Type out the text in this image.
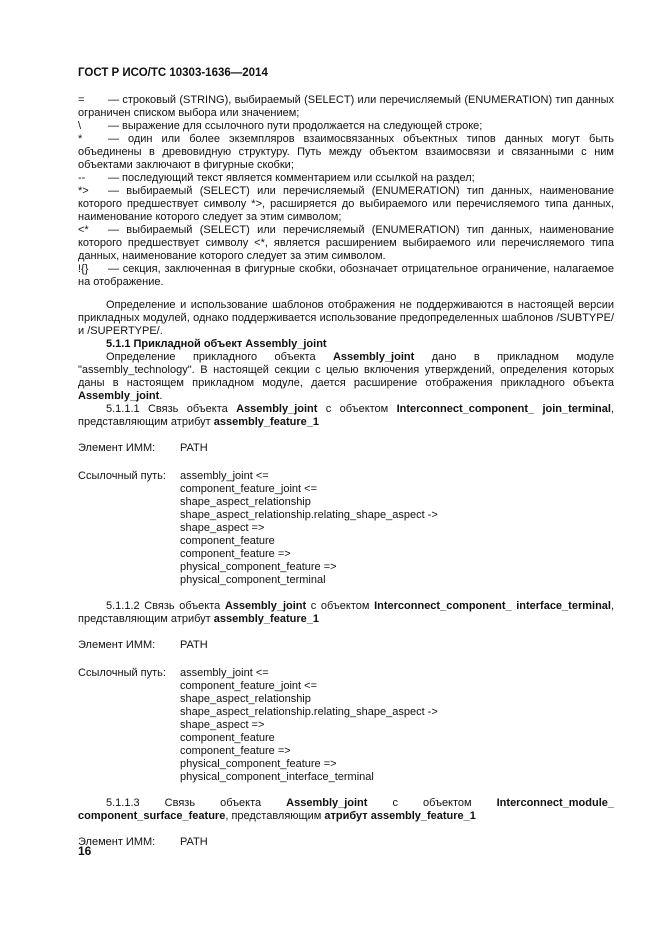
ГОСТ Р ИСО/ТС 10303-1636—2014
=	— строковый (STRING), выбираемый (SELECT) или перечисляемый (ENUMERATION) тип данных ограничен списком выбора или значением;
\	— выражение для ссылочного пути продолжается на следующей строке;
*	— один или более экземпляров взаимосвязанных объектных типов данных могут быть объединены в древовидную структуру. Путь между объектом взаимосвязи и связанными с ним объектами заключают в фигурные скобки;
--	— последующий текст является комментарием или ссылкой на раздел;
*>	— выбираемый (SELECT) или перечисляемый (ENUMERATION) тип данных, наименование которого предшествует символу *>, расширяется до выбираемого или перечисляемого типа данных, наименование которого следует за этим символом;
<*	— выбираемый (SELECT) или перечисляемый (ENUMERATION) тип данных, наименование которого предшествует символу <*, является расширением выбираемого или перечисляемого типа данных, наименование которого следует за этим символом.
!{}	— секция, заключенная в фигурные скобки, обозначает отрицательное ограничение, налагаемое на отображение.

Определение и использование шаблонов отображения не поддерживаются в настоящей версии прикладных модулей, однако поддерживается использование предопределенных шаблонов /SUBTYPE/ и /SUPERTYPE/.

5.1.1 Прикладной объект Assembly_joint

Определение прикладного объекта Assembly_joint дано в прикладном модуле "assembly_technology". В настоящей секции с целью включения утверждений, определения которых даны в настоящем прикладном модуле, дается расширение отображения прикладного объекта Assembly_joint.

5.1.1.1 Связь объекта Assembly_joint с объектом Interconnect_component_ join_terminal, представляющим атрибут assembly_feature_1

Элемент ИММ: PATH
Ссылочный путь: assembly_joint <=
component_feature_joint <=
shape_aspect_relationship
shape_aspect_relationship.relating_shape_aspect ->
shape_aspect =>
component_feature
component_feature =>
physical_component_feature =>
physical_component_terminal

5.1.1.2 Связь объекта Assembly_joint с объектом Interconnect_component_ interface_terminal, представляющим атрибут assembly_feature_1

Элемент ИММ: PATH
Ссылочный путь: assembly_joint <=
component_feature_joint <=
shape_aspect_relationship
shape_aspect_relationship.relating_shape_aspect ->
shape_aspect =>
component_feature
component_feature =>
physical_component_feature =>
physical_component_interface_terminal

5.1.1.3 Связь объекта Assembly_joint с объектом Interconnect_module_ component_surface_feature, представляющим атрибут assembly_feature_1

Элемент ИММ: PATH
16
